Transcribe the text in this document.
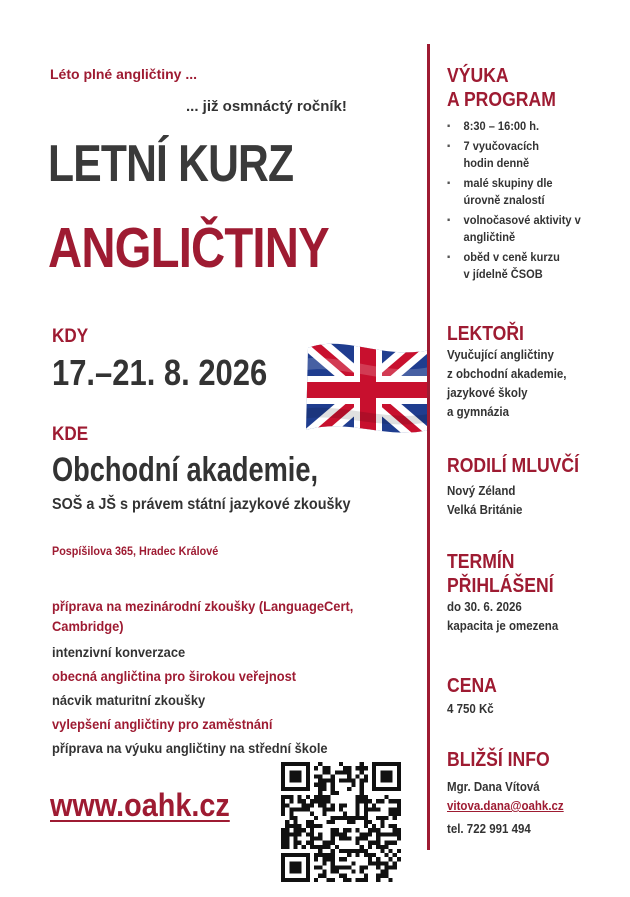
Léto plné angličtiny ...
... již osmnáctý ročník!
LETNÍ KURZ
ANGLIČTINY
KDY
17.–21. 8. 2026
KDE
Obchodní akademie,
SOŠ a JŠ s právem státní jazykové zkoušky
Pospíšilova 365, Hradec Králové
příprava na mezinárodní zkoušky (LanguageCert, Cambridge)
intenzivní konverzace
obecná angličtina pro širokou veřejnost
nácvik maturitní zkoušky
vylepšení angličtiny pro zaměstnání
příprava na výuku angličtiny na střední škole
www.oahk.cz
VÝUKA
A PROGRAM
▪ 8:30 – 16:00 h.
▪ 7 vyučovacích hodin denně
▪ malé skupiny dle úrovně znalostí
▪ volnočasové aktivity v angličtině
▪ oběd v ceně kurzu v jídelně ČSOB
LEKTOŘI
Vyučující angličtiny
z obchodní akademie,
jazykové školy
a gymnázia
RODILÍ MLUVČÍ
Nový Zéland
Velká Británie
TERMÍN
PŘIHLÁŠENÍ
do 30. 6. 2026
kapacita je omezena
CENA
4 750 Kč
BLIŽŠÍ INFO
Mgr. Dana Vítová
vitova.dana@oahk.cz
tel. 722 991 494
